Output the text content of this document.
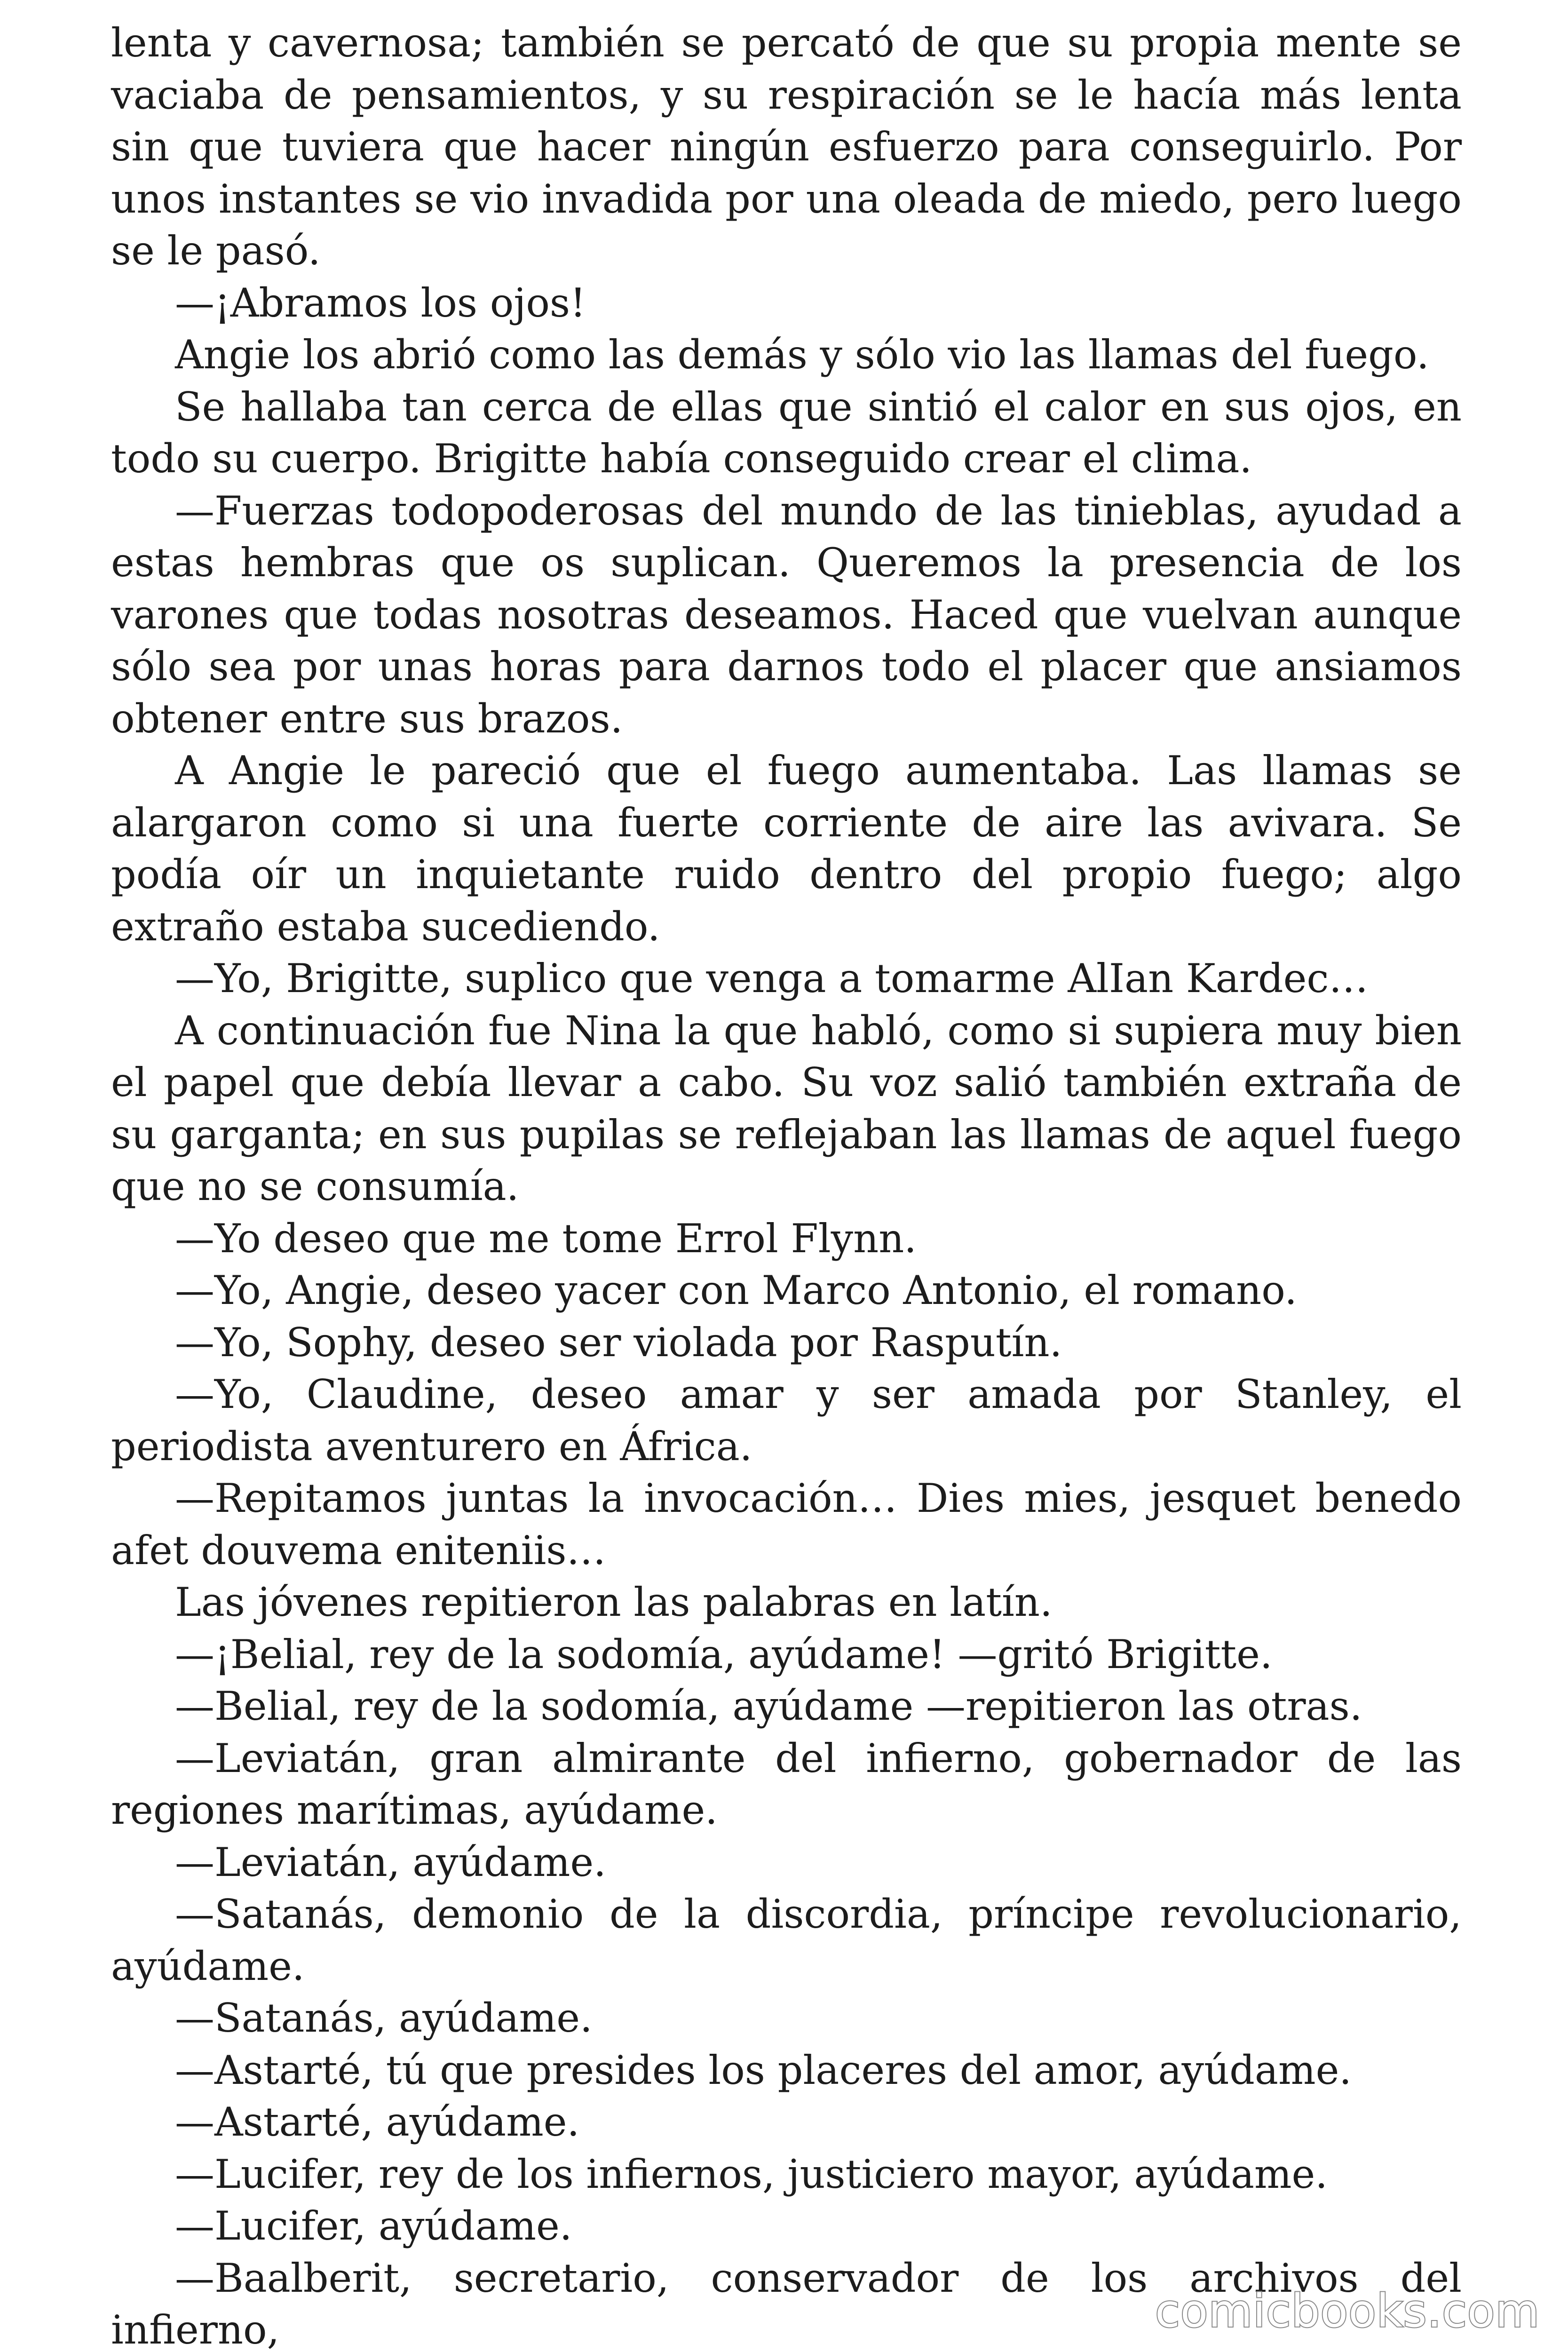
lenta y cavernosa; también se percató de que su propia mente se vaciaba de pensamientos, y su respiración se le hacía más lenta sin que tuviera que hacer ningún esfuerzo para conseguirlo. Por unos instantes se vio invadida por una oleada de miedo, pero luego se le pasó.

—¡Abramos los ojos!

Angie los abrió como las demás y sólo vio las llamas del fuego.

Se hallaba tan cerca de ellas que sintió el calor en sus ojos, en todo su cuerpo. Brigitte había conseguido crear el clima.

—Fuerzas todopoderosas del mundo de las tinieblas, ayudad a estas hembras que os suplican. Queremos la presencia de los varones que todas nosotras deseamos. Haced que vuelvan aunque sólo sea por unas horas para darnos todo el placer que ansiamos obtener entre sus brazos.

A Angie le pareció que el fuego aumentaba. Las llamas se alargaron como si una fuerte corriente de aire las avivara. Se podía oír un inquietante ruido dentro del propio fuego; algo extraño estaba sucediendo.

—Yo, Brigitte, suplico que venga a tomarme AlIan Kardec…

A continuación fue Nina la que habló, como si supiera muy bien el papel que debía llevar a cabo. Su voz salió también extraña de su garganta; en sus pupilas se reflejaban las llamas de aquel fuego que no se consumía.

—Yo deseo que me tome Errol Flynn.

—Yo, Angie, deseo yacer con Marco Antonio, el romano.

—Yo, Sophy, deseo ser violada por Rasputín.

—Yo, Claudine, deseo amar y ser amada por Stanley, el periodista aventurero en África.

—Repitamos juntas la invocación… Dies mies, jesquet benedo afet douvema eniteniis…

Las jóvenes repitieron las palabras en latín.

—¡Belial, rey de la sodomía, ayúdame! —gritó Brigitte.

—Belial, rey de la sodomía, ayúdame —repitieron las otras.

—Leviatán, gran almirante del infierno, gobernador de las regiones marítimas, ayúdame.

—Leviatán, ayúdame.

—Satanás, demonio de la discordia, príncipe revolucionario, ayúdame.

—Satanás, ayúdame.

—Astarté, tú que presides los placeres del amor, ayúdame.

—Astarté, ayúdame.

—Lucifer, rey de los infiernos, justiciero mayor, ayúdame.

—Lucifer, ayúdame.

—Baalberit, secretario, conservador de los archivos del infierno,	comicbooks.com
